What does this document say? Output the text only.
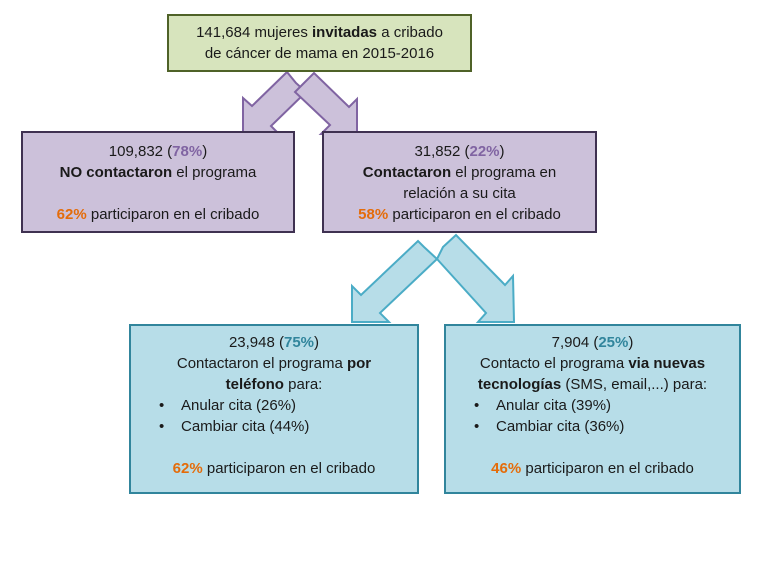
141,684 mujeres invitadas a cribado
de cáncer de mama en 2015-2016
109,832 (78%)
NO contactaron el programa
62% participaron en el cribado
31,852 (22%)
Contactaron el programa en
relación a su cita
58% participaron en el cribado
23,948 (75%)
Contactaron el programa por
teléfono para:
• Anular cita (26%)
• Cambiar cita (44%)
62% participaron en el cribado
7,904 (25%)
Contacto el programa via nuevas
tecnologías (SMS, email,...) para:
• Anular cita (39%)
• Cambiar cita (36%)
46% participaron en el cribado
